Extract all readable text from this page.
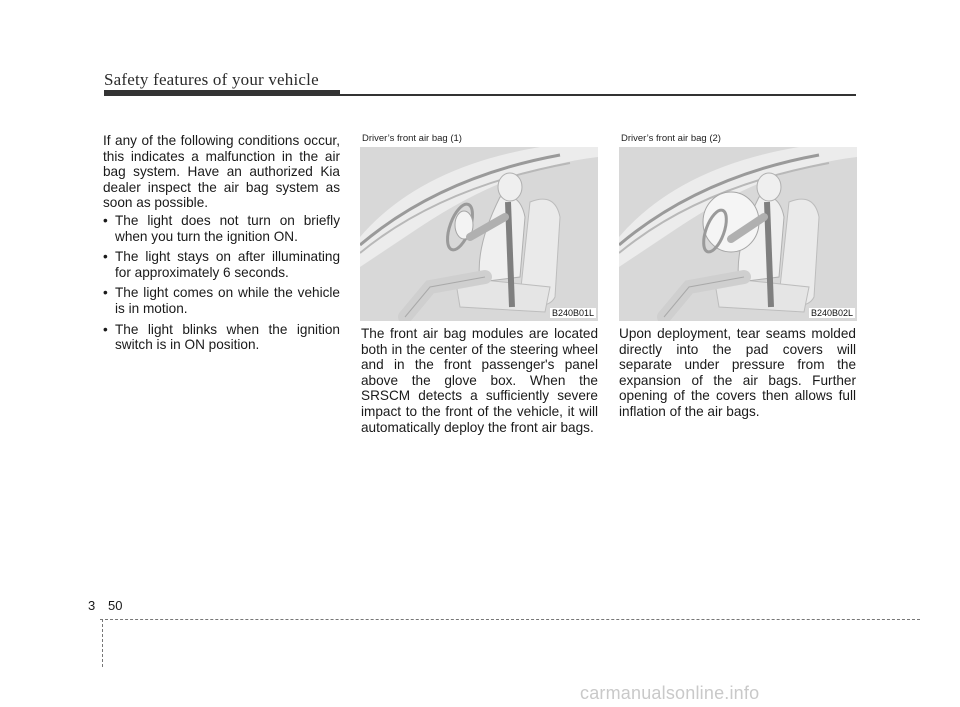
Safety features of your vehicle

If any of the following conditions occur, this indicates a malfunction in the air bag system. Have an authorized Kia dealer inspect the air bag system as soon as possible.

• The light does not turn on briefly when you turn the ignition ON.
• The light stays on after illuminating for approximately 6 seconds.
• The light comes on while the vehicle is in motion.
• The light blinks when the ignition switch is in ON position.
Driver’s front air bag (1)
B240B01L
Driver’s front air bag (2)
B240B02L

The front air bag modules are located both in the center of the steering wheel and in the front passenger's panel above the glove box. When the SRSCM detects a sufficiently severe impact to the front of the vehicle, it will automatically deploy the front air bags.

Upon deployment, tear seams molded directly into the pad covers will separate under pressure from the expansion of the air bags. Further opening of the covers then allows full inflation of the air bags.

3 50
carmanualsonline.info
